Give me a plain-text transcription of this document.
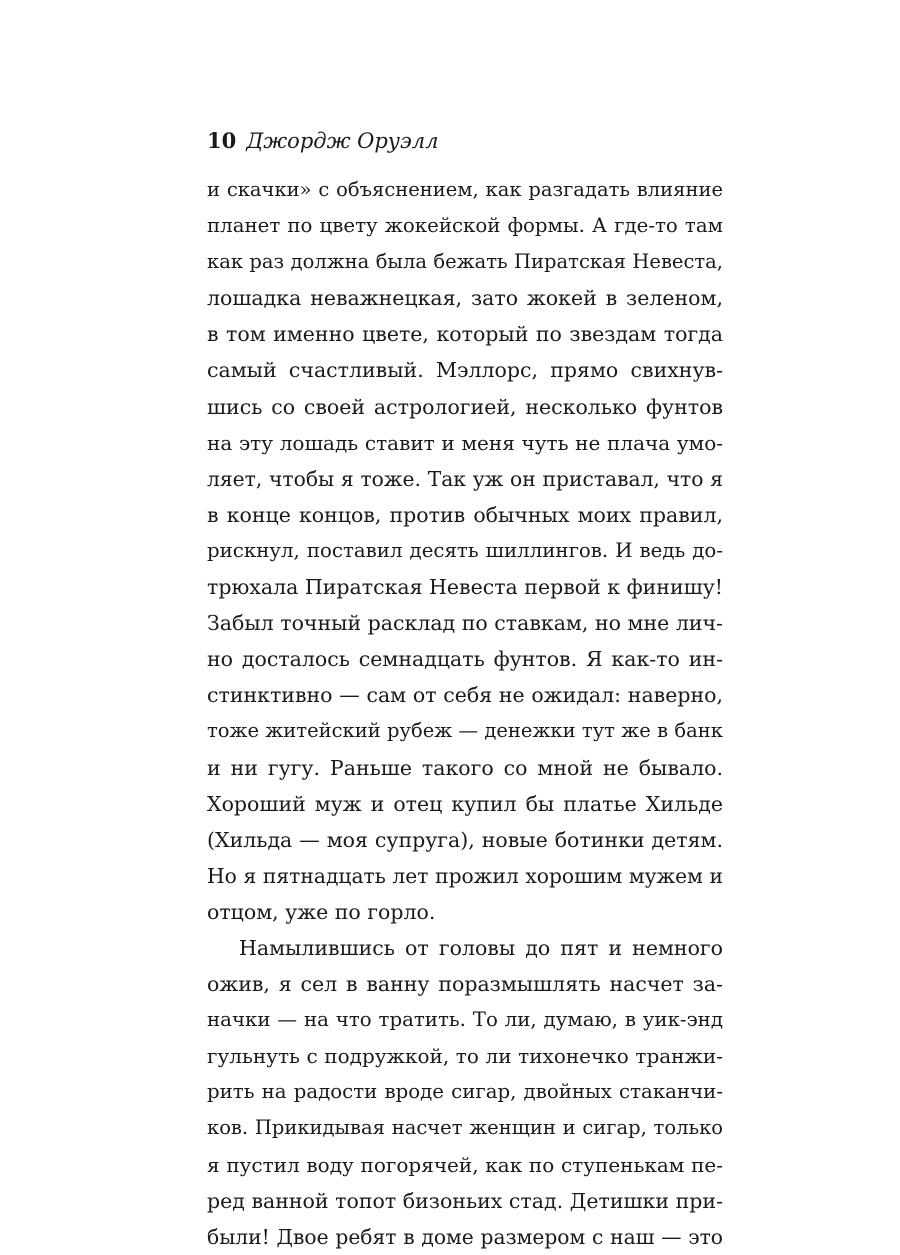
10 Джордж Оруэлл
и скачки» с объяснением, как разгадать влияние
планет по цвету жокейской формы. А где-то там
как раз должна была бежать Пиратская Невеста,
лошадка неважнецкая, зато жокей в зеленом,
в том именно цвете, который по звездам тогда
самый счастливый. Мэллорс, прямо свихнув-
шись со своей астрологией, несколько фунтов
на эту лошадь ставит и меня чуть не плача умо-
ляет, чтобы я тоже. Так уж он приставал, что я
в конце концов, против обычных моих правил,
рискнул, поставил десять шиллингов. И ведь до-
трюхала Пиратская Невеста первой к финишу!
Забыл точный расклад по ставкам, но мне лич-
но досталось семнадцать фунтов. Я как-то ин-
стинктивно — сам от себя не ожидал: наверно,
тоже житейский рубеж — денежки тут же в банк
и ни гугу. Раньше такого со мной не бывало.
Хороший муж и отец купил бы платье Хильде
(Хильда — моя супруга), новые ботинки детям.
Но я пятнадцать лет прожил хорошим мужем и
отцом, уже по горло.
Намылившись от головы до пят и немного
ожив, я сел в ванну поразмышлять насчет за-
начки — на что тратить. То ли, думаю, в уик-энд
гульнуть с подружкой, то ли тихонечко транжи-
рить на радости вроде сигар, двойных стаканчи-
ков. Прикидывая насчет женщин и сигар, только
я пустил воду погорячей, как по ступенькам пе-
ред ванной топот бизоньих стад. Детишки при-
были! Двое ребят в доме размером с наш — это
